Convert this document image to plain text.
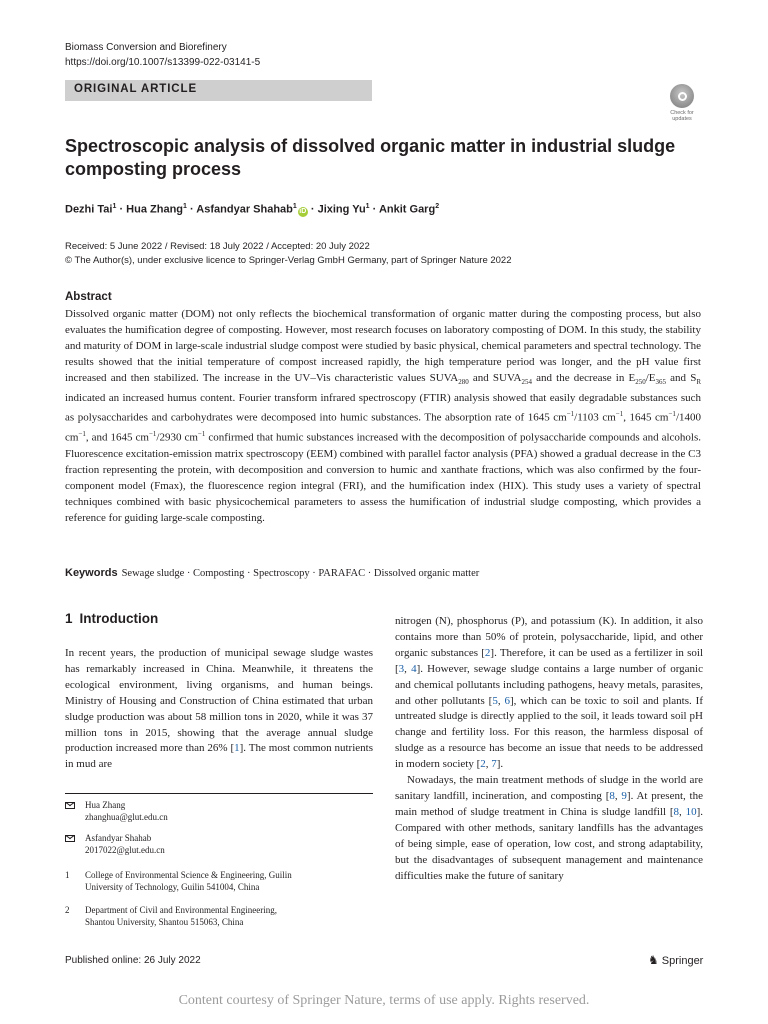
Biomass Conversion and Biorefinery
https://doi.org/10.1007/s13399-022-03141-5
ORIGINAL ARTICLE
Check for
updates
Spectroscopic analysis of dissolved organic matter in industrial sludge composting process
Dezhi Tai$^1$ · Hua Zhang$^1$ · Asfandyar Shahab$^1$iD · Jixing $Yu^1$ · Ankit Garg$^2$
Received: 5 June 2022 / Revised: 18 July 2022 / Accepted: 20 July 2022
© The Author(s), under exclusive licence to Springer-Verlag GmbH Germany, part of Springer Nature 2022
Abstract

Dissolved organic matter (DOM) not only reflects the biochemical transformation of organic matter during the composting process, but also evaluates the humification degree of composting. However, most research focuses on laboratory composting of DOM. In this study, the stability and maturity of DOM in large-scale industrial sludge compost were studied by basic physical, chemical parameters and spectral technology. The results showed that the initial temperature of compost increased rapidly, the high temperature period was longer, and the pH value first increased and then stabilized. The increase in the UV–Vis characteristic values $SUVA_{280}$ and $SUVA_{254}$ and the decrease in $E_{250}/E_{365}$ and $S_R$ indicated an increased humus content. Fourier transform infrared spectroscopy (FTIR) analysis showed that easily degradable substances such as polysaccharides and carbohydrates were decomposed into humic substances. The absorption rate of 1645 $cm^{-1}/1103$ $cm^{-1}$, 1645 $cm^{-1}/1400$ $cm^{-1}$, and 1645 $cm^{-1}/2930$ $cm^{-1}$ confirmed that humic substances increased with the decomposition of polysaccharide compounds and alcohols. Fluorescence excitation-emission matrix spectroscopy (EEM) combined with parallel factor analysis (PFA) showed a gradual decrease in the C3 fraction representing the protein, with decomposition and conversion to humic and xanthate fractions, which was also confirmed by the four-component model (Fmax), the fluorescence region integral (FRI), and the humification index (HIX). This study uses a variety of spectral techniques combined with basic physicochemical parameters to assess the humification of industrial sludge composting, which provides a reference for guiding large-scale composting.

Keywords Sewage sludge · Composting · Spectroscopy · PARAFAC · Dissolved organic matter
1 Introduction

In recent years, the production of municipal sewage sludge wastes has remarkably increased in China. Meanwhile, it threatens the ecological environment, living organisms, and human beings. Ministry of Housing and Construction of China estimated that urban sludge production was about 58 million tons in 2020, while it was 37 million tons in 2015, showing that the average annual sludge production increased more than 26% [1]. The most common nutrients in mud are

nitrogen (N), phosphorus (P), and potassium (K). In addition, it also contains more than 50% of protein, polysaccharide, lipid, and other organic substances [2]. Therefore, it can be used as a fertilizer in soil [3, 4]. However, sewage sludge contains a large number of organic and chemical pollutants including pathogens, heavy metals, parasites, and other pollutants [5, 6], which can be toxic to soil and plants. If untreated sludge is directly applied to the soil, it leads toward soil pH change and fertility loss. For this reason, the harmless disposal of sludge as a resource has become an issue that needs to be addressed in modern society [2, 7].

Nowadays, the main treatment methods of sludge in the world are sanitary landfill, incineration, and composting [8, 9]. At present, the main method of sludge treatment in China is sludge landfill [8, 10]. Compared with other methods, sanitary landfills has the advantages of being simple, ease of operation, low cost, and strong adaptability, but the disadvantages of subsequent management and maintenance difficulties make the future of sanitary

Hua Zhang
zhanghua@glut.edu.cn
Asfandyar Shahab
2017022@glut.edu.cn
1 College of Environmental Science & Engineering, Guilin
University of Technology, Guilin 541004, China
2 Department of Civil and Environmental Engineering,
Shantou University, Shantou 515063, China
Published online: 26 July 2022	♞ Springer
Content courtesy of Springer Nature, terms of use apply. Rights reserved.
